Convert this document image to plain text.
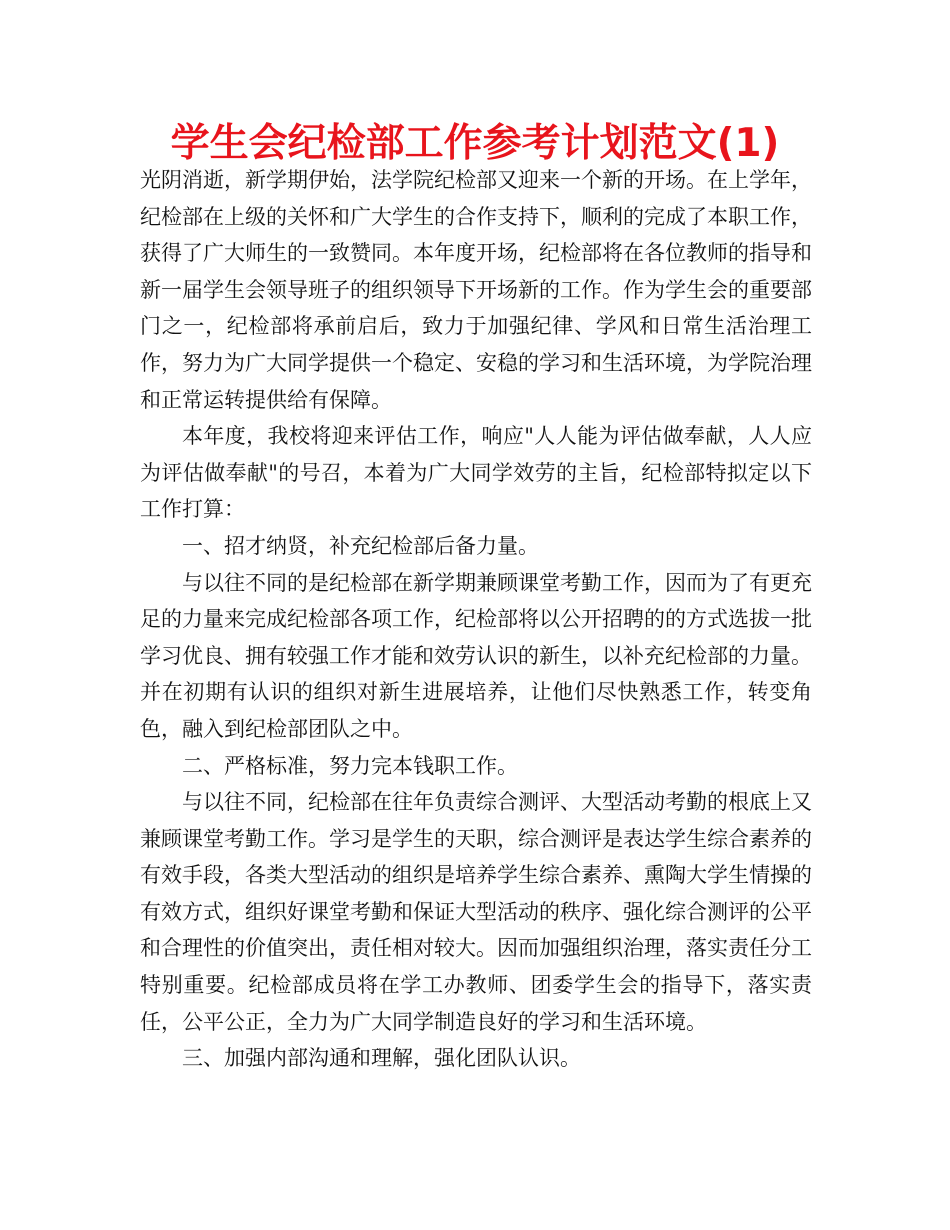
学生会纪检部工作参考计划范文(1)

光阴消逝，新学期伊始，法学院纪检部又迎来一个新的开场。在上学年，纪检部在上级的关怀和广大学生的合作支持下，顺利的完成了本职工作，获得了广大师生的一致赞同。本年度开场，纪检部将在各位教师的指导和新一届学生会领导班子的组织领导下开场新的工作。作为学生会的重要部门之一，纪检部将承前启后，致力于加强纪律、学风和日常生活治理工作，努力为广大同学提供一个稳定、安稳的学习和生活环境，为学院治理和正常运转提供给有保障。

本年度，我校将迎来评估工作，响应"人人能为评估做奉献，人人应为评估做奉献"的号召，本着为广大同学效劳的主旨，纪检部特拟定以下工作打算：

一、招才纳贤，补充纪检部后备力量。

与以往不同的是纪检部在新学期兼顾课堂考勤工作，因而为了有更充足的力量来完成纪检部各项工作，纪检部将以公开招聘的的方式选拔一批学习优良、拥有较强工作才能和效劳认识的新生，以补充纪检部的力量。并在初期有认识的组织对新生进展培养，让他们尽快熟悉工作，转变角色，融入到纪检部团队之中。

二、严格标准，努力完本钱职工作。

与以往不同，纪检部在往年负责综合测评、大型活动考勤的根底上又兼顾课堂考勤工作。学习是学生的天职，综合测评是表达学生综合素养的有效手段，各类大型活动的组织是培养学生综合素养、熏陶大学生情操的有效方式，组织好课堂考勤和保证大型活动的秩序、强化综合测评的公平和合理性的价值突出，责任相对较大。因而加强组织治理，落实责任分工特别重要。纪检部成员将在学工办教师、团委学生会的指导下，落实责任，公平公正，全力为广大同学制造良好的学习和生活环境。

三、加强内部沟通和理解，强化团队认识。
